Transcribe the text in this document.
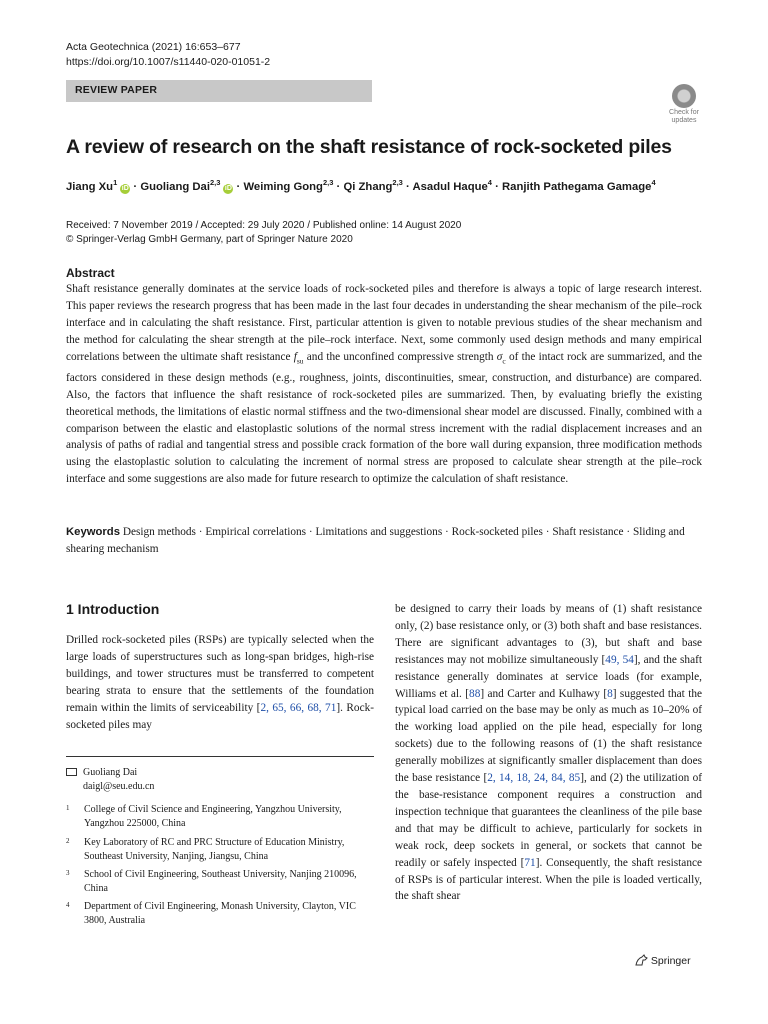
Acta Geotechnica (2021) 16:653–677
https://doi.org/10.1007/s11440-020-01051-2
REVIEW PAPER
Check for
updates
A review of research on the shaft resistance of rock-socketed piles
Jiang $Xu^1iD$ · Guoliang Dai$^{2,3}$iD · Weiming Gong$^{2,3}$ · Qi Zhang$^{2,3}$ · Asadul Haque$^4$ · Ranjith Pathegama Gamage$^4$
Received: 7 November 2019 / Accepted: 29 July 2020 / Published online: 14 August 2020
© Springer-Verlag GmbH Germany, part of Springer Nature 2020
Abstract
Shaft resistance generally dominates at the service loads of rock-socketed piles and therefore is always a topic of large research interest. This paper reviews the research progress that has been made in the last four decades in understanding the shear mechanism of the pile–rock interface and in calculating the shaft resistance. First, particular attention is given to notable previous studies of the shear mechanism and the method for calculating the shear strength at the pile–rock interface. Next, some commonly used design methods and many empirical correlations between the ultimate shaft resistance $f_{su}$ and the unconfined compressive strength $\sigma_c$ of the intact rock are summarized, and the factors considered in these design methods (e.g., roughness, joints, discontinuities, smear, construction, and disturbance) are compared. Also, the factors that influence the shaft resistance of rock-socketed piles are summarized. Then, by evaluating briefly the existing theoretical methods, the limitations of elastic normal stiffness and the two-dimensional shear model are discussed. Finally, combined with a comparison between the elastic and elastoplastic solutions of the normal stress increment with the radial displacement increases and an analysis of paths of radial and tangential stress and possible crack formation of the bore wall during expansion, three modification methods using the elastoplastic solution to calculating the increment of normal stress are proposed to calculate shear strength at the pile–rock interface and some suggestions are also made for future research to optimize the calculation of shaft resistance.
Keywords Design methods · Empirical correlations · Limitations and suggestions · Rock-socketed piles · Shaft resistance · Sliding and shearing mechanism
1 Introduction
Drilled rock-socketed piles (RSPs) are typically selected when the large loads of superstructures such as long-span bridges, high-rise buildings, and tower structures must be transferred to competent bearing strata to ensure that the settlements of the foundation remain within the limits of serviceability [2, 65, 66, 68, 71]. Rock-socketed piles may
be designed to carry their loads by means of (1) shaft resistance only, (2) base resistance only, or (3) both shaft and base resistances. There are significant advantages to (3), but shaft and base resistances may not mobilize simultaneously [49, 54], and the shaft resistance generally dominates at service loads (for example, Williams et al. [88] and Carter and Kulhawy [8] suggested that the typical load carried on the base may be only as much as 10–20% of the working load applied on the pile head, especially for long sockets) due to the following reasons of (1) the shaft resistance generally mobilizes at significantly smaller displacement than does the base resistance [2, 14, 18, 24, 84, 85], and (2) the utilization of the base-resistance component requires a construction and inspection technique that guarantees the cleanliness of the pile base and that may be difficult to achieve, particularly for sockets in weak rock, deep sockets in general, or sockets that cannot be readily or safely inspected [71]. Consequently, the shaft resistance of RSPs is of particular interest. When the pile is loaded vertically, the shaft shear
Guoliang Dai
daigl@seu.edu.cn
1 College of Civil Science and Engineering, Yangzhou University, Yangzhou 225000, China
2 Key Laboratory of RC and PRC Structure of Education Ministry, Southeast University, Nanjing, Jiangsu, China
3 School of Civil Engineering, Southeast University, Nanjing 210096, China
4 Department of Civil Engineering, Monash University, Clayton, VIC 3800, Australia
Springer
